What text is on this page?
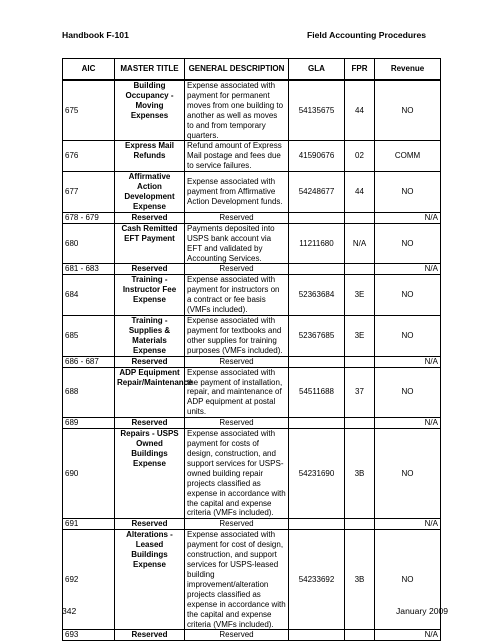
Handbook F-101	Field Accounting Procedures
AIC	MASTER TITLE	GENERAL DESCRIPTION	GLA	FPR	Revenue
675	Building Occupancy - Moving Expenses	Expense associated with payment for permanent moves from one building to another as well as moves to and from temporary quarters.	54135675	44	NO
676	Express Mail Refunds	Refund amount of Express Mail postage and fees due to service failures.	41590676	02	COMM
677	Affirmative Action Development Expense	Expense associated with payment from Affirmative Action Development funds.	54248677	44	NO
678 - 679	Reserved	Reserved			N/A
680	Cash Remitted EFT Payment	Payments deposited into USPS bank account via EFT and validated by Accounting Services.	11211680	N/A	NO
681 - 683	Reserved	Reserved			N/A
684	Training - Instructor Fee Expense	Expense associated with payment for instructors on a contract or fee basis (VMFs included).	52363684	3E	NO
685	Training - Supplies & Materials Expense	Expense associated with payment for textbooks and other supplies for training purposes (VMFs included).	52367685	3E	NO
686 - 687	Reserved	Reserved			N/A
688	ADP Equipment Repair/Maintenance	Expense associated with the payment of installation, repair, and maintenance of ADP equipment at postal units.	54511688	37	NO
689	Reserved	Reserved			N/A
690	Repairs - USPS Owned Buildings Expense	Expense associated with payment for costs of design, construction, and support services for USPS-owned building repair projects classified as expense in accordance with the capital and expense criteria (VMFs included).	54231690	3B	NO
691	Reserved	Reserved			N/A
692	Alterations - Leased Buildings Expense	Expense associated with payment for cost of design, construction, and support services for USPS-leased building improvement/alteration projects classified as expense in accordance with the capital and expense criteria (VMFs included).	54233692	3B	NO
693	Reserved	Reserved			N/A
342	January 2009
